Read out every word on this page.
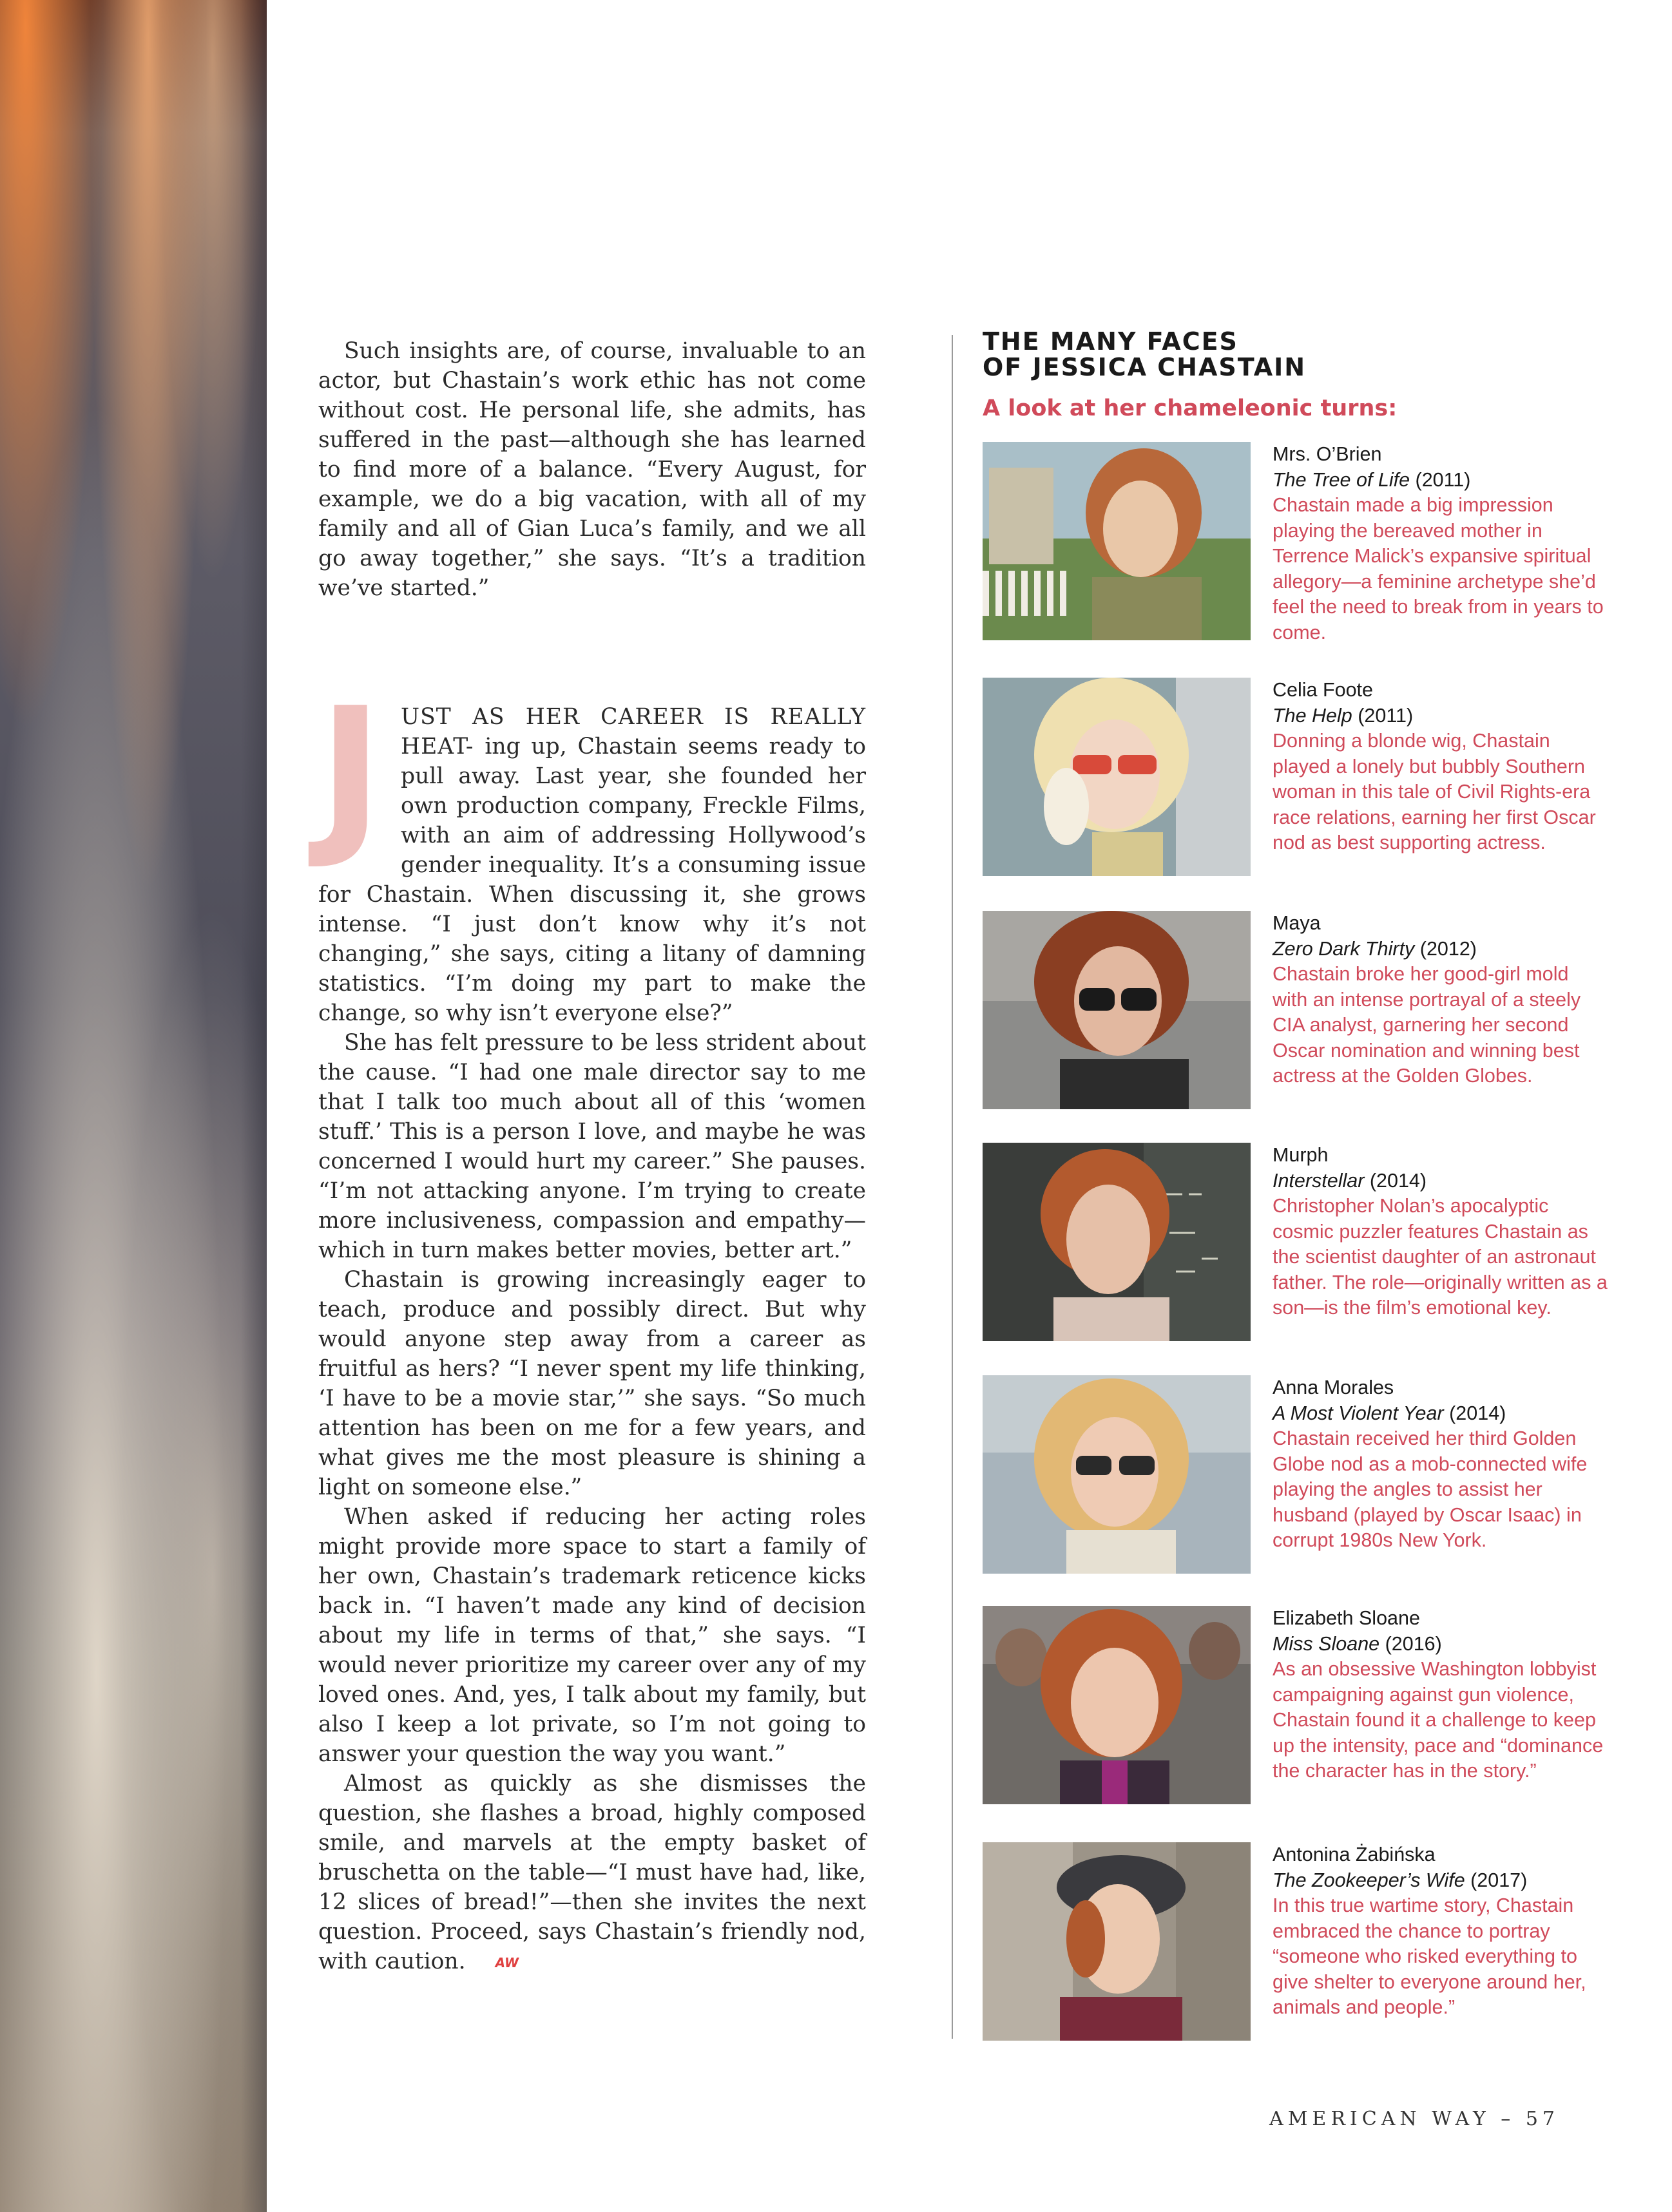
Such insights are, of course, invaluable to an actor, but Chastain’s work ethic has not come without cost. He personal life, she admits, has suffered in the past—although she has learned to find more of a balance. “Every August, for example, we do a big vacation, with all of my family and all of Gian Luca’s family, and we all go away together,” she says. “It’s a tradition we’ve started.”

JUST AS HER CAREER IS REALLY HEAT- ing up, Chastain seems ready to pull away. Last year, she founded her own production company, Freckle Films, with an aim of addressing Hollywood’s gender inequality. It’s a consuming issue for Chastain. When discussing it, she grows intense. “I just don’t know why it’s not changing,” she says, citing a litany of damning statistics. “I’m doing my part to make the change, so why isn’t everyone else?”

She has felt pressure to be less strident about the cause. “I had one male director say to me that I talk too much about all of this ‘women stuff.’ This is a person I love, and maybe he was concerned I would hurt my career.” She pauses. “I’m not attacking anyone. I’m trying to create more inclusiveness, compassion and empathy—which in turn makes better movies, better art.”

Chastain is growing increasingly eager to teach, produce and possibly direct. But why would anyone step away from a career as fruitful as hers? “I never spent my life thinking, ‘I have to be a movie star,’” she says. “So much attention has been on me for a few years, and what gives me the most pleasure is shining a light on someone else.”

When asked if reducing her acting roles might provide more space to start a family of her own, Chastain’s trademark reticence kicks back in. “I haven’t made any kind of decision about my life in terms of that,” she says. “I would never prioritize my career over any of my loved ones. And, yes, I talk about my family, but also I keep a lot private, so I’m not going to answer your question the way you want.”

Almost as quickly as she dismisses the question, she flashes a broad, highly composed smile, and marvels at the empty basket of bruschetta on the table—“I must have had, like, 12 slices of bread!”—then she invites the next question. Proceed, says Chastain’s friendly nod, with caution. AW

THE MANY FACES
OF JESSICA CHASTAIN

A look at her chameleonic turns:

Mrs. O’Brien
The Tree of Life (2011)
Chastain made a big impression playing the bereaved mother in Terrence Malick’s expansive spiritual allegory—a feminine archetype she’d feel the need to break from in years to come.
Celia Foote
The Help (2011)
Donning a blonde wig, Chastain played a lonely but bubbly Southern woman in this tale of Civil Rights-era race relations, earning her first Oscar nod as best supporting actress.
Maya
Zero Dark Thirty (2012)
Chastain broke her good-girl mold with an intense portrayal of a steely CIA analyst, garnering her second Oscar nomination and winning best actress at the Golden Globes.
Murph
Interstellar (2014)
Christopher Nolan’s apocalyptic cosmic puzzler features Chastain as the scientist daughter of an astronaut father. The role—originally written as a son—is the film’s emotional key.
Anna Morales
A Most Violent Year (2014)
Chastain received her third Golden Globe nod as a mob-connected wife playing the angles to assist her husband (played by Oscar Isaac) in corrupt 1980s New York.
Elizabeth Sloane
Miss Sloane (2016)
As an obsessive Washington lobbyist campaigning against gun violence, Chastain found it a challenge to keep up the intensity, pace and “dominance the character has in the story.”
Antonina Żabińska
The Zookeeper’s Wife (2017)
In this true wartime story, Chastain embraced the chance to portray “someone who risked everything to give shelter to everyone around her, animals and people.”
AMERICAN WAY – 57
